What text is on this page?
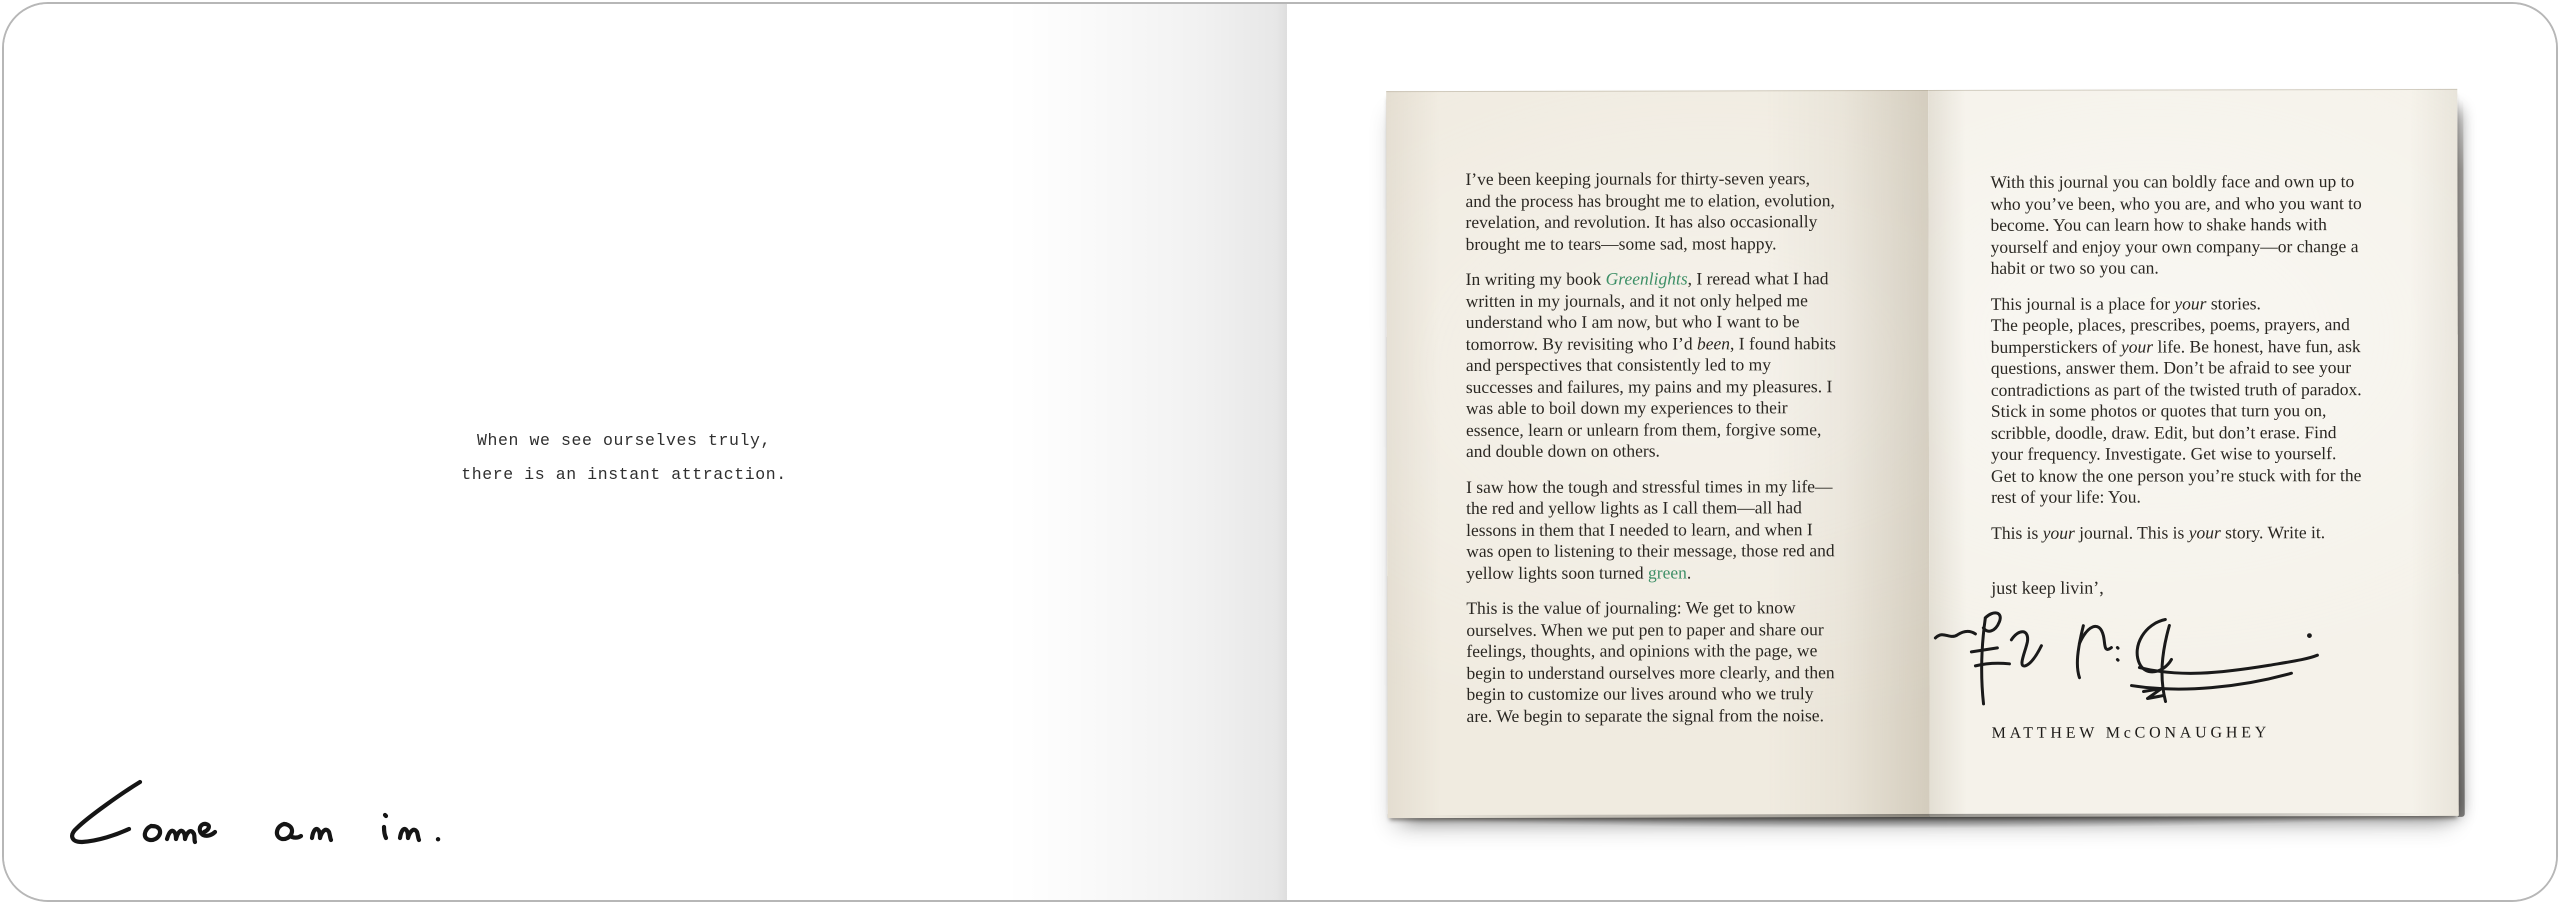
When we see ourselves truly,
there is an instant attraction.

I’ve been keeping journals for thirty-seven years, and the process has brought me to elation, evolution, revelation, and revolution. It has also occasionally brought me to tears—some sad, most happy.

In writing my book Greenlights, I reread what I had written in my journals, and it not only helped me understand who I am now, but who I want to be tomorrow. By revisiting who I’d been, I found habits and perspectives that consistently led to my successes and failures, my pains and my pleasures. I was able to boil down my experiences to their essence, learn or unlearn from them, forgive some, and double down on others.

I saw how the tough and stressful times in my life—the red and yellow lights as I call them—all had lessons in them that I needed to learn, and when I was open to listening to their message, those red and yellow lights soon turned green.

This is the value of journaling: We get to know ourselves. When we put pen to paper and share our feelings, thoughts, and opinions with the page, we begin to understand ourselves more clearly, and then begin to customize our lives around who we truly are. We begin to separate the signal from the noise.

With this journal you can boldly face and own up to who you’ve been, who you are, and who you want to become. You can learn how to shake hands with yourself and enjoy your own company—or change a habit or two so you can.

This journal is a place for your stories.
The people, places, prescribes, poems, prayers, and bumperstickers of your life. Be honest, have fun, ask questions, answer them. Don’t be afraid to see your contradictions as part of the twisted truth of paradox. Stick in some photos or quotes that turn you on, scribble, doodle, draw. Edit, but don’t erase. Find your frequency. Investigate. Get wise to yourself. Get to know the one person you’re stuck with for the rest of your life: You.

This is your journal. This is your story. Write it.

just keep livin’,
MATTHEW McCONAUGHEY
